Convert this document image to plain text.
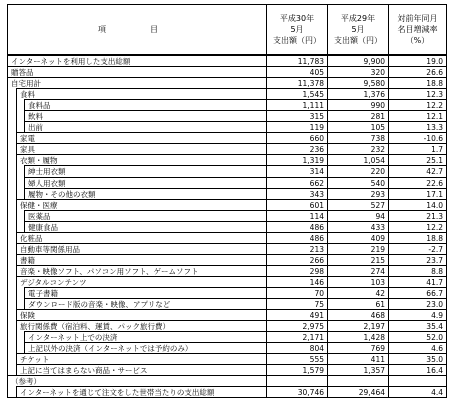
項　目
平成30年
5月
支出額（円）
平成29年
5月
支出額（円）
対前年同月
名目増減率
（%）
インターネットを利用した支出総額	11,783	9,900	19.0
贈答品	405	320	26.6
自宅用計	11,378	9,580	18.8
食料	1,545	1,376	12.3
食料品	1,111	990	12.2
飲料	315	281	12.1
出前	119	105	13.3
家電	660	738	-10.6
家具	236	232	1.7
衣類・履物	1,319	1,054	25.1
紳士用衣類	314	220	42.7
婦人用衣類	662	540	22.6
履物・その他の衣類	343	293	17.1
保健・医療	601	527	14.0
医薬品	114	94	21.3
健康食品	486	433	12.2
化粧品	486	409	18.8
自動車等関係用品	213	219	-2.7
書籍	266	215	23.7
音楽・映像ソフト、パソコン用ソフト、ゲームソフト	298	274	8.8
デジタルコンテンツ	146	103	41.7
電子書籍	70	42	66.7
ダウンロード版の音楽・映像、アプリなど	75	61	23.0
保険	491	468	4.9
旅行関係費（宿泊料、運賃、パック旅行費）	2,975	2,197	35.4
インターネット上での決済	2,171	1,428	52.0
上記以外の決済（インターネットでは予約のみ）	804	769	4.6
チケット	555	411	35.0
上記に当てはまらない商品・サービス	1,579	1,357	16.4
（参考）
インターネットを通じて注文をした世帯当たりの支出総額	30,746	29,464	4.4
